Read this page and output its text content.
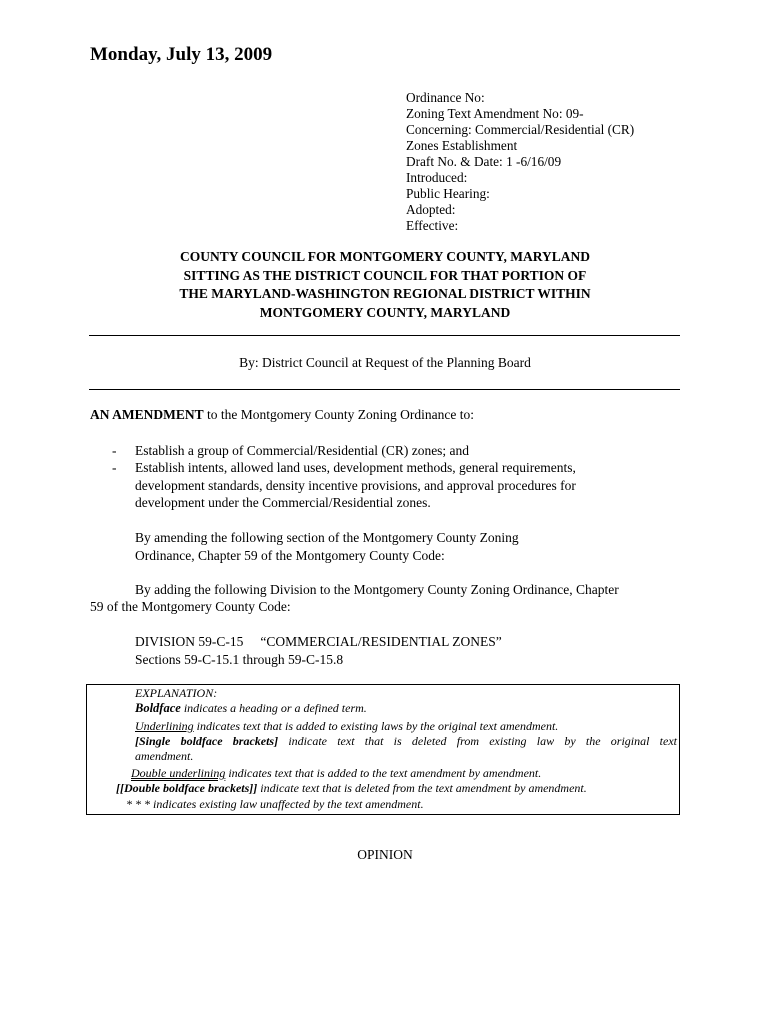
Monday, July 13, 2009
Ordinance No:
Zoning Text Amendment No: 09-
Concerning: Commercial/Residential (CR)
Zones Establishment
Draft No. & Date: 1 -6/16/09
Introduced:
Public Hearing:
Adopted:
Effective:
COUNTY COUNCIL FOR MONTGOMERY COUNTY, MARYLAND
SITTING AS THE DISTRICT COUNCIL FOR THAT PORTION OF
THE MARYLAND-WASHINGTON REGIONAL DISTRICT WITHIN
MONTGOMERY COUNTY, MARYLAND
By: District Council at Request of the Planning Board
AN AMENDMENT to the Montgomery County Zoning Ordinance to:
- Establish a group of Commercial/Residential (CR) zones; and
- Establish intents, allowed land uses, development methods, general requirements,
development standards, density incentive provisions, and approval procedures for
development under the Commercial/Residential zones.
By amending the following section of the Montgomery County Zoning
Ordinance, Chapter 59 of the Montgomery County Code:
By adding the following Division to the Montgomery County Zoning Ordinance, Chapter
59 of the Montgomery County Code:
DIVISION 59-C-15 “COMMERCIAL/RESIDENTIAL ZONES”
Sections 59-C-15.1 through 59-C-15.8
EXPLANATION:
Boldface indicates a heading or a defined term.
Underlining indicates text that is added to existing laws by the original text amendment.
[Single boldface brackets] indicate text that is deleted from existing law by the original text
amendment.
Double underlining indicates text that is added to the text amendment by amendment.
[[Double boldface brackets]] indicate text that is deleted from the text amendment by amendment.
* * * indicates existing law unaffected by the text amendment.
OPINION
